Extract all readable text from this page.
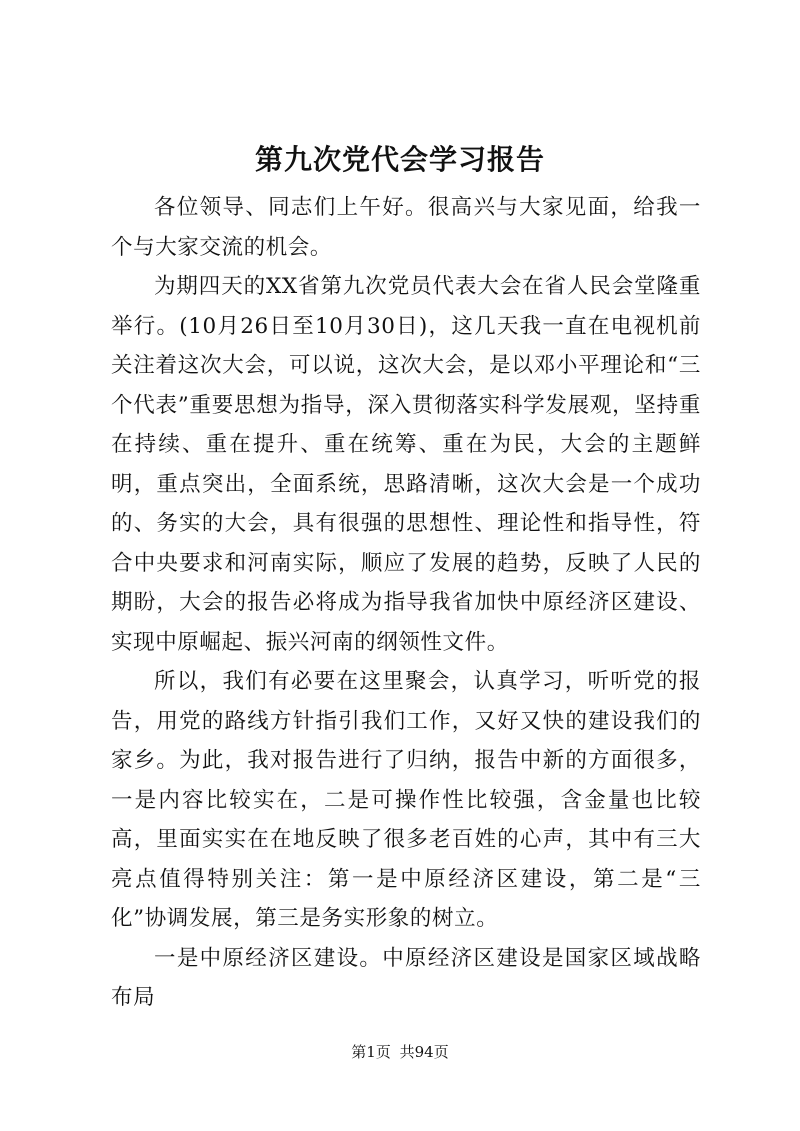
第九次党代会学习报告

各位领导、同志们上午好。很高兴与大家见面，给我一个与大家交流的机会。

为期四天的XX省第九次党员代表大会在省人民会堂隆重举行。(10月26日至10月30日)，这几天我一直在电视机前关注着这次大会，可以说，这次大会，是以邓小平理论和“三个代表”重要思想为指导，深入贯彻落实科学发展观，坚持重在持续、重在提升、重在统筹、重在为民，大会的主题鲜明，重点突出，全面系统，思路清晰，这次大会是一个成功的、务实的大会，具有很强的思想性、理论性和指导性，符合中央要求和河南实际，顺应了发展的趋势，反映了人民的期盼，大会的报告必将成为指导我省加快中原经济区建设、实现中原崛起、振兴河南的纲领性文件。

所以，我们有必要在这里聚会，认真学习，听听党的报告，用党的路线方针指引我们工作，又好又快的建设我们的家乡。为此，我对报告进行了归纳，报告中新的方面很多，一是内容比较实在，二是可操作性比较强，含金量也比较高，里面实实在在地反映了很多老百姓的心声，其中有三大亮点值得特别关注：第一是中原经济区建设，第二是“三化”协调发展，第三是务实形象的树立。

一是中原经济区建设。中原经济区建设是国家区域战略布局

第1页 共94页
